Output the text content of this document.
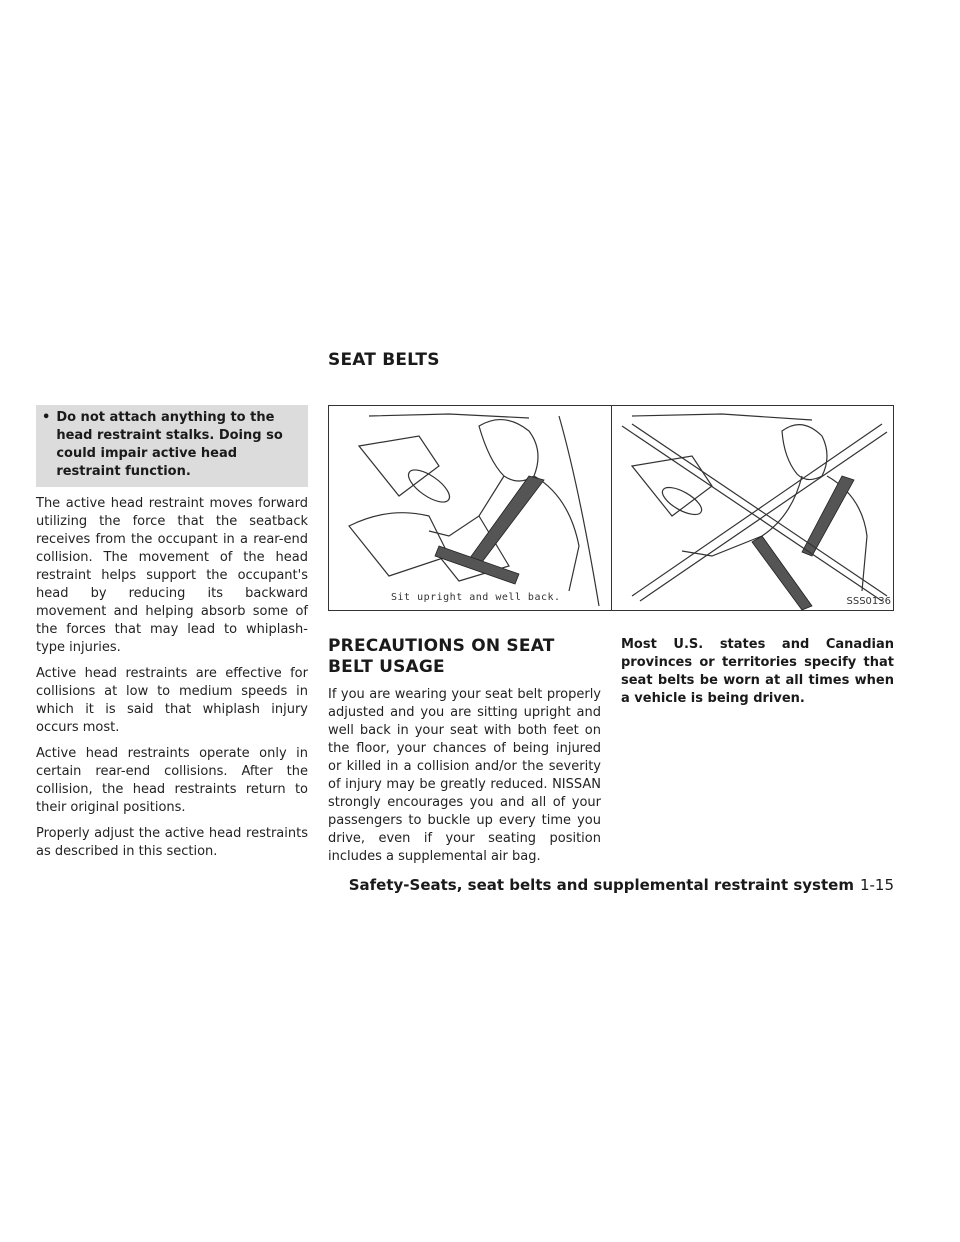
SEAT BELTS
• Do not attach anything to the head restraint stalks. Doing so could impair active head restraint function.

The active head restraint moves forward utilizing the force that the seatback receives from the occupant in a rear-end collision. The movement of the head restraint helps support the occupant's head by reducing its backward movement and helping absorb some of the forces that may lead to whiplash-type injuries.

Active head restraints are effective for collisions at low to medium speeds in which it is said that whiplash injury occurs most.

Active head restraints operate only in certain rear-end collisions. After the collision, the head restraints return to their original positions.

Properly adjust the active head restraints as described in this section.

Sit upright and well back.	SSS0136
PRECAUTIONS ON SEAT BELT USAGE

If you are wearing your seat belt properly adjusted and you are sitting upright and well back in your seat with both feet on the floor, your chances of being injured or killed in a collision and/or the severity of injury may be greatly reduced. NISSAN strongly encourages you and all of your passengers to buckle up every time you drive, even if your seating position includes a supplemental air bag.

Most U.S. states and Canadian provinces or territories specify that seat belts be worn at all times when a vehicle is being driven.

Safety-Seats, seat belts and supplemental restraint system 1-15
